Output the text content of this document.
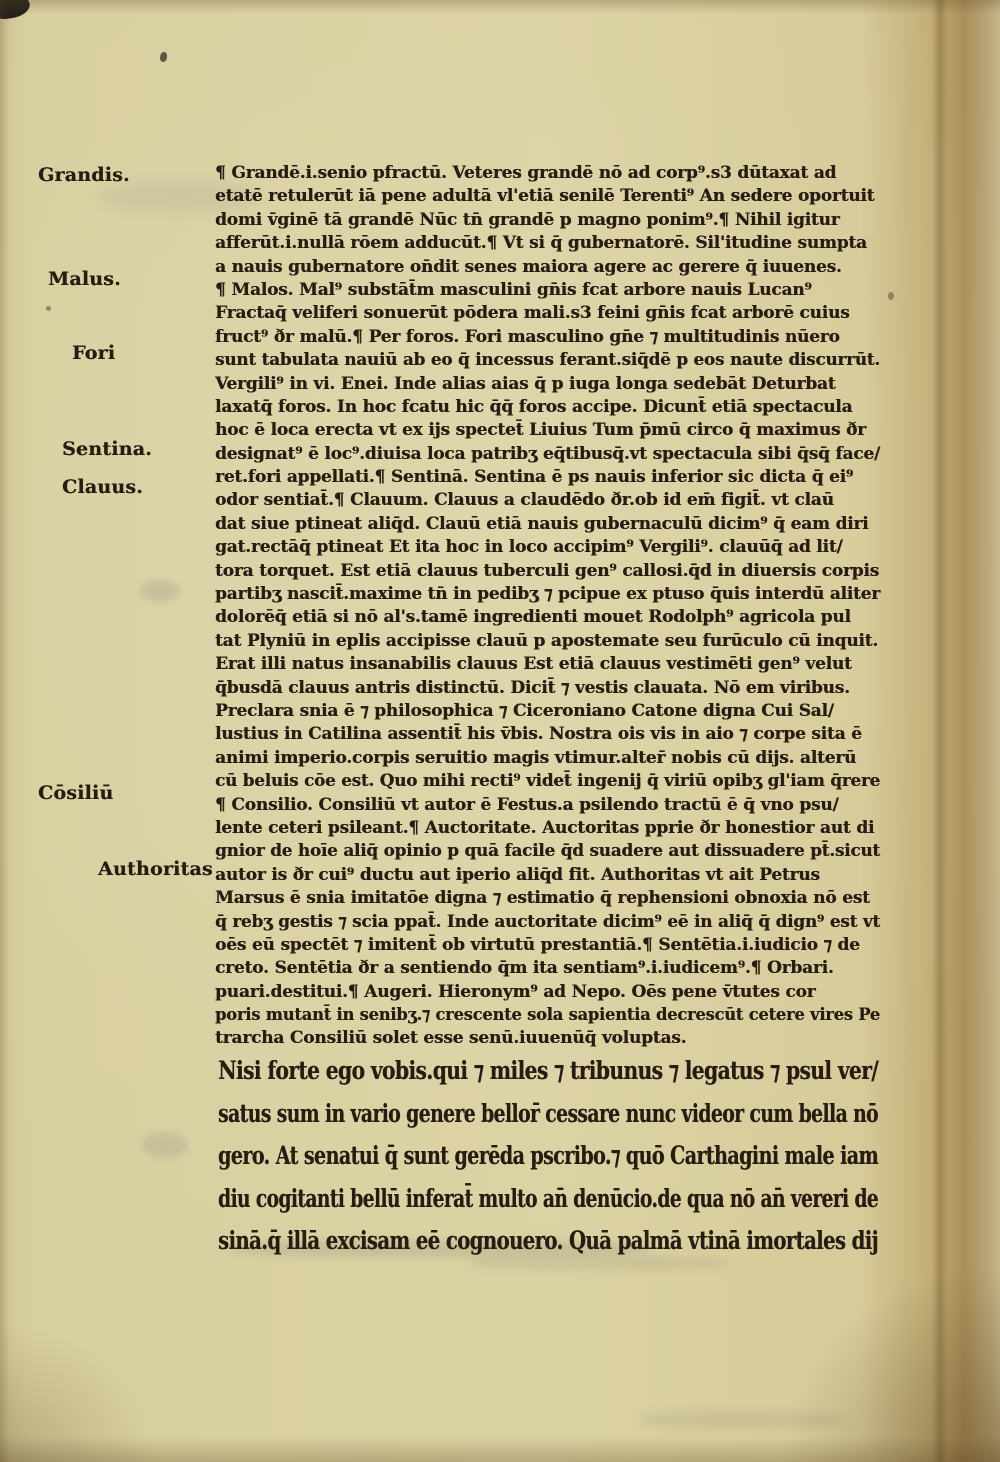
Grandis.
Malus.
Fori
Sentina.
Clauus.
Cōsiliū
Authoritas
¶ Grandē.i.senio pfractū. Veteres grandē nō ad corp⁹.s3 dūtaxat ad
etatē retulerūt iā pene adultā vl'etiā senilē Terenti⁹ An sedere oportuit
domi v̄ginē tā grandē Nūc tn̄ grandē p magno ponim⁹.¶ Nihil igitur
afferūt.i.nullā rōem adducūt.¶ Vt si q̄ gubernatorē. Sil'itudine sumpta
a nauis gubernatore on̄dit senes maiora agere ac gerere q̄ iuuenes.
¶ Malos. Mal⁹ substāt̄m masculini gn̄is fcat arbore nauis Lucan⁹
Fractaq̄ veliferi sonuerūt pōdera mali.s3 feini gn̄is fcat arborē cuius
fruct⁹ ðr malū.¶ Per foros. Fori masculino gn̄e ⁊ multitudinis nūero
sunt tabulata nauiū ab eo q̄ incessus ferant.siq̄dē p eos naute discurrūt.
Vergili⁹ in vi. Enei. Inde alias aias q̄ p iuga longa sedebāt Deturbat
laxatq̄ foros. In hoc fcatu hic q̄q̄ foros accipe. Dicunt̄ etiā spectacula
hoc ē loca erecta vt ex ijs spectet̄ Liuius Tum p̄mū circo q̄ maximus ðr
designat⁹ ē loc⁹.diuisa loca patribʒ eq̄tibusq̄.vt spectacula sibi q̄sq̄ face/
ret.fori appellati.¶ Sentinā. Sentina ē ps nauis inferior sic dicta q̄ ei⁹
odor sentiat̄.¶ Clauum. Clauus a claudēdo ðr.ob id em̄ figit̄. vt claū
dat siue ptineat aliq̄d. Clauū etiā nauis gubernaculū dicim⁹ q̄ eam diri
gat.rectāq̄ ptineat Et ita hoc in loco accipim⁹ Vergili⁹. clauūq̄ ad lit/
tora torquet. Est etiā clauus tuberculi gen⁹ callosi.q̄d in diuersis corpis
partibʒ nascit̄.maxime tn̄ in pedibʒ ⁊ pcipue ex ptuso q̄uis interdū aliter
dolorēq̄ etiā si nō al's.tamē ingredienti mouet Rodolph⁹ agricola pul
tat Plyniū in eplis accipisse clauū p apostemate seu furūculo cū inquit.
Erat illi natus insanabilis clauus Est etiā clauus vestimēti gen⁹ velut
q̄busdā clauus antris distinctū. Dicit̄ ⁊ vestis clauata. Nō em viribus.
Preclara snia ē ⁊ philosophica ⁊ Ciceroniano Catone digna Cui Sal/
lustius in Catilina assentit̄ his v̄bis. Nostra ois vis in aio ⁊ corpe sita ē
animi imperio.corpis seruitio magis vtimur.alter̄ nobis cū dijs. alterū
cū beluis cōe est. Quo mihi recti⁹ videt̄ ingenij q̄ viriū opibʒ gl'iam q̄rere
¶ Consilio. Consiliū vt autor ē Festus.a psilendo tractū ē q̄ vno psu/
lente ceteri psileant.¶ Auctoritate. Auctoritas pprie ðr honestior aut di
gnior de hoīe aliq̄ opinio p quā facile q̄d suadere aut dissuadere pt̄.sicut
autor is ðr cui⁹ ductu aut iperio aliq̄d fit. Authoritas vt ait Petrus
Marsus ē snia imitatōe digna ⁊ estimatio q̄ rephensioni obnoxia nō est
q̄ rebʒ gestis ⁊ scia ppat̄. Inde auctoritate dicim⁹ eē in aliq̄ q̄ dign⁹ est vt
oēs eū spectēt ⁊ imitent̄ ob virtutū prestantiā.¶ Sentētia.i.iudicio ⁊ de
creto. Sentētia ðr a sentiendo q̄m ita sentiam⁹.i.iudicem⁹.¶ Orbari.
puari.destitui.¶ Augeri. Hieronym⁹ ad Nepo. Oēs pene v̄tutes cor
poris mutant̄ in senibʒ.⁊ crescente sola sapientia decrescūt cetere vires Pe
trarcha Consiliū solet esse senū.iuuenūq̄ voluptas.
Nisi forte ego vobis.qui ⁊ miles ⁊ tribunus ⁊ legatus ⁊ psul ver/
satus sum in vario genere bellor̄ cessare nunc videor cum bella nō
gero. At senatui q̄ sunt gerēda pscribo.⁊ quō Carthagini male iam
diu cogitanti bellū inferat̄ multo an̄ denūcio.de qua nō an̄ vereri de
sinā.q̄ illā excisam eē cognouero. Quā palmā vtinā imortales dij
